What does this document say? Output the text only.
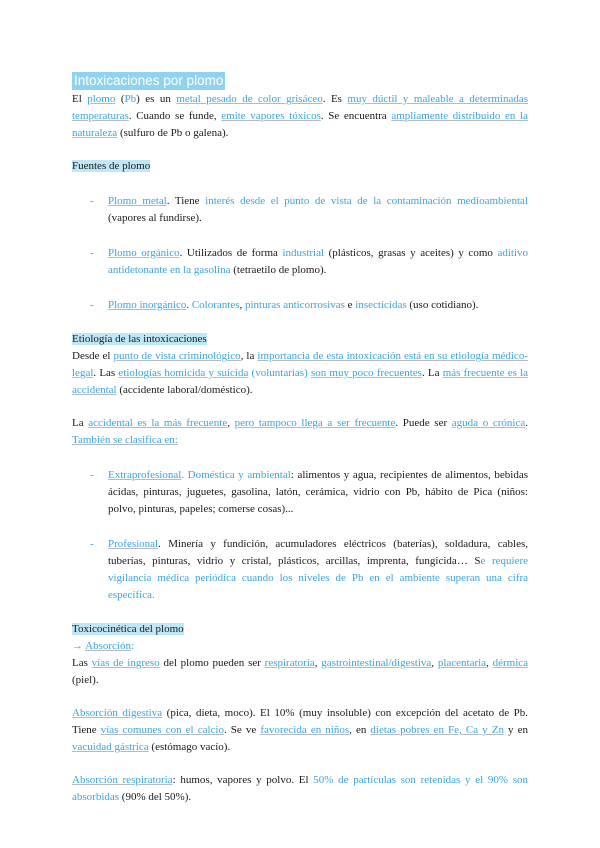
Intoxicaciones por plomo

El plomo (Pb) es un metal pesado de color grisáceo. Es muy dúctil y maleable a determinadas temperaturas. Cuando se funde, emite vapores tóxicos. Se encuentra ampliamente distribuido en la naturaleza (sulfuro de Pb o galena).

Fuentes de plomo
-	Plomo metal. Tiene interés desde el punto de vista de la contaminación medioambiental (vapores al fundirse).
-	Plomo orgánico. Utilizados de forma industrial (plásticos, grasas y aceites) y como aditivo antidetonante en la gasolina (tetraetilo de plomo).
-	Plomo inorgánico. Colorantes, pinturas anticorrosivas e insecticidas (uso cotidiano).
Etiología de las intoxicaciones

Desde el punto de vista criminológico, la importancia de esta intoxicación está en su etiología médico-legal. Las etiologías homicida y suicida (voluntarias) son muy poco frecuentes. La más frecuente es la accidental (accidente laboral/doméstico).

La accidental es la más frecuente, pero tampoco llega a ser frecuente. Puede ser aguda o crónica. También se clasifica en:

-	Extraprofesional. Doméstica y ambiental: alimentos y agua, recipientes de alimentos, bebidas ácidas, pinturas, juguetes, gasolina, latón, cerámica, vidrio con Pb, hábito de Pica (niños: polvo, pinturas, papeles; comerse cosas)...
-	Profesional. Minería y fundición, acumuladores eléctricos (baterías), soldadura, cables, tuberías, pinturas, vidrio y cristal, plásticos, arcillas, imprenta, fungicida… Se requiere vigilancia médica periódica cuando los niveles de Pb en el ambiente superan una cifra específica.
Toxicocinética del plomo

→ Absorción:

Las vías de ingreso del plomo pueden ser respiratoria, gastrointestinal/digestiva, placentaria, dérmica (piel).

Absorción digestiva (pica, dieta, moco). El 10% (muy insoluble) con excepción del acetato de Pb. Tiene vías comunes con el calcio. Se ve favorecida en niños, en dietas pobres en Fe, Ca y Zn y en vacuidad gástrica (estómago vacío).

Absorción respiratoria: humos, vapores y polvo. El 50% de partículas son retenidas y el 90% son absorbidas (90% del 50%).
